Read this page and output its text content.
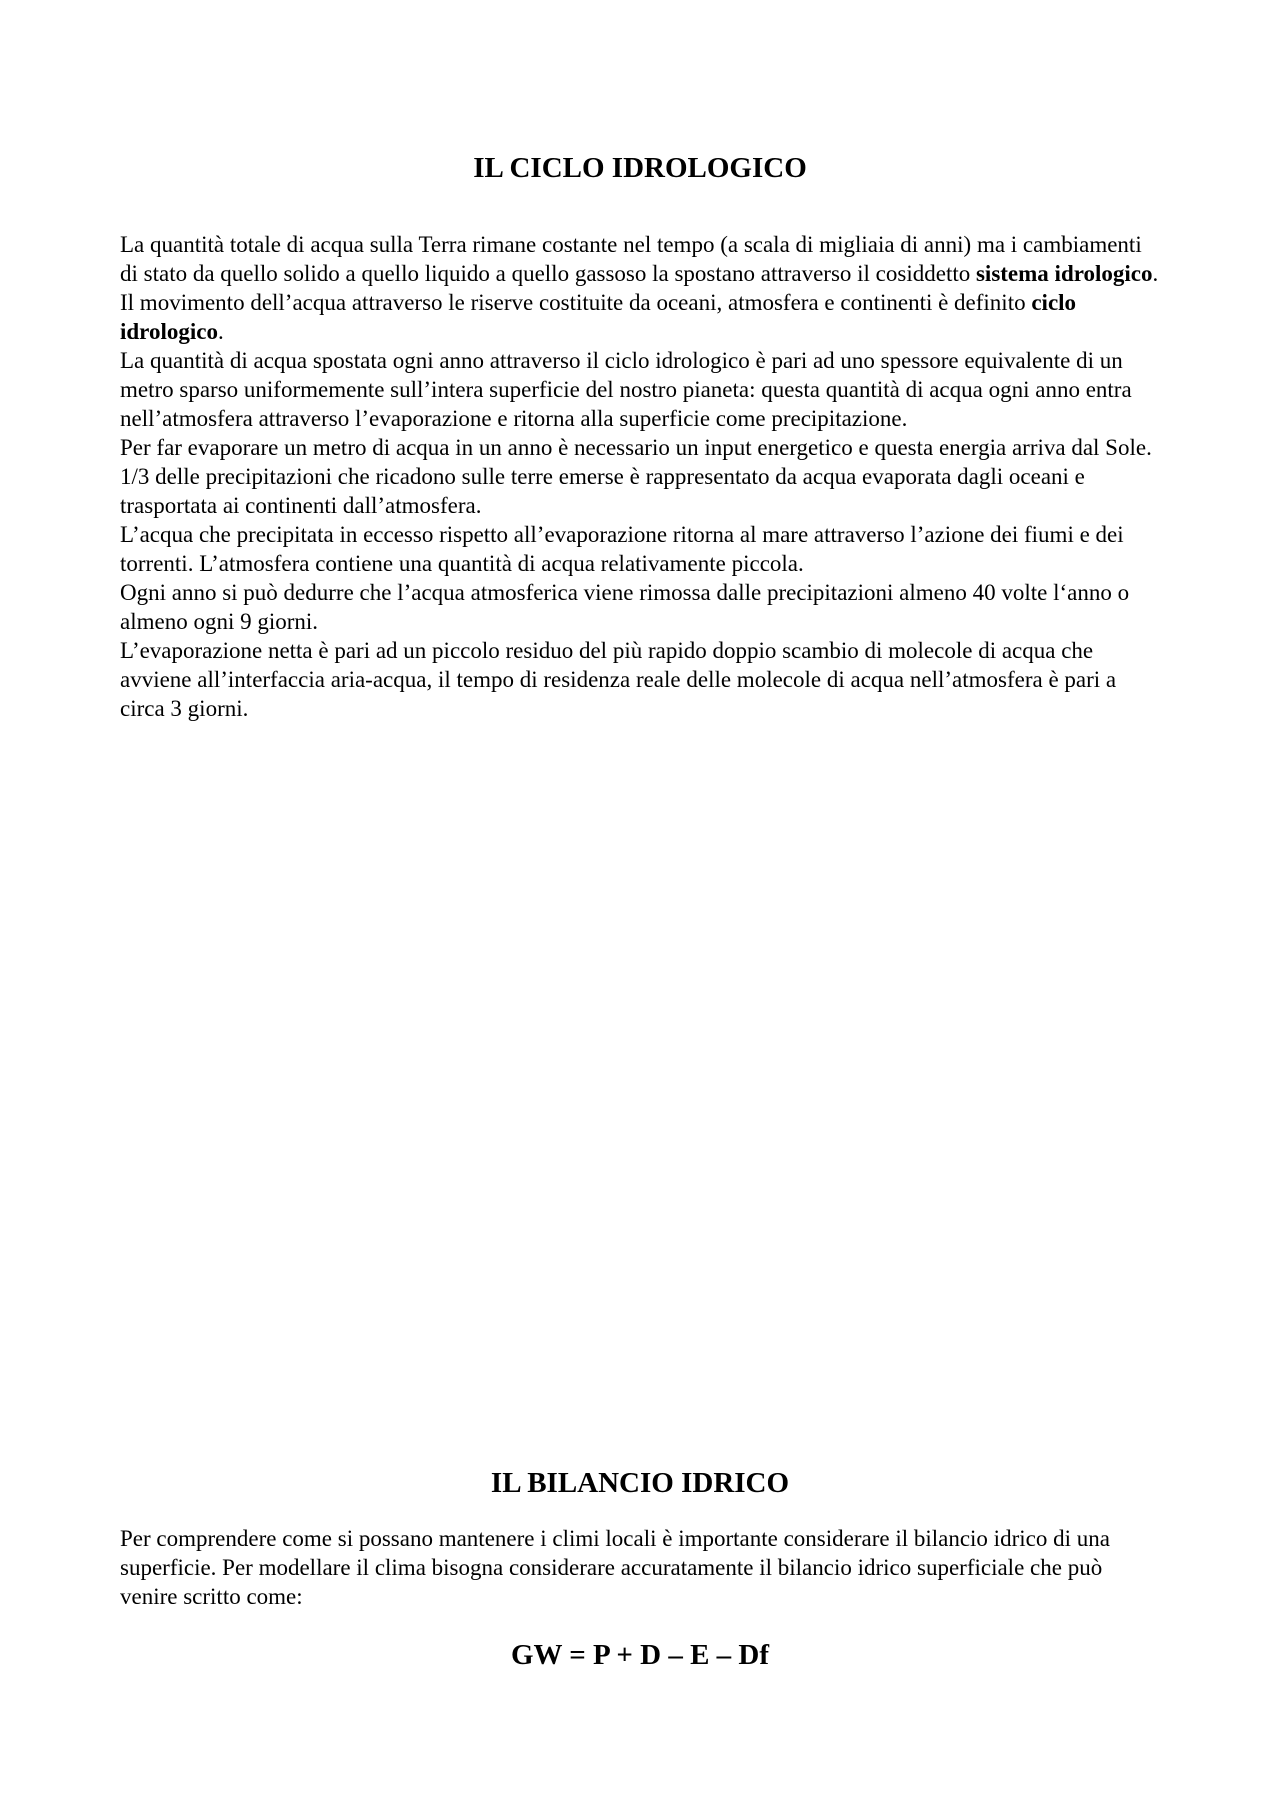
IL CICLO IDROLOGICO

La quantità totale di acqua sulla Terra rimane costante nel tempo (a scala di migliaia di anni) ma i cambiamenti di stato da quello solido a quello liquido a quello gassoso la spostano attraverso il cosiddetto sistema idrologico.

Il movimento dell’acqua attraverso le riserve costituite da oceani, atmosfera e continenti è definito ciclo idrologico.

La quantità di acqua spostata ogni anno attraverso il ciclo idrologico è pari ad uno spessore equivalente di un metro sparso uniformemente sull’intera superficie del nostro pianeta: questa quantità di acqua ogni anno entra nell’atmosfera attraverso l’evaporazione e ritorna alla superficie come precipitazione.

Per far evaporare un metro di acqua in un anno è necessario un input energetico e questa energia arriva dal Sole.

1/3 delle precipitazioni che ricadono sulle terre emerse è rappresentato da acqua evaporata dagli oceani e trasportata ai continenti dall’atmosfera.

L’acqua che precipitata in eccesso rispetto all’evaporazione ritorna al mare attraverso l’azione dei fiumi e dei torrenti. L’atmosfera contiene una quantità di acqua relativamente piccola.

Ogni anno si può dedurre che l’acqua atmosferica viene rimossa dalle precipitazioni almeno 40 volte l‘anno o almeno ogni 9 giorni.

L’evaporazione netta è pari ad un piccolo residuo del più rapido doppio scambio di molecole di acqua che avviene all’interfaccia aria-acqua, il tempo di residenza reale delle molecole di acqua nell’atmosfera è pari a circa 3 giorni.

IL BILANCIO IDRICO

Per comprendere come si possano mantenere i climi locali è importante considerare il bilancio idrico di una superficie. Per modellare il clima bisogna considerare accuratamente il bilancio idrico superficiale che può venire scritto come:

GW = P + D – E – Df
